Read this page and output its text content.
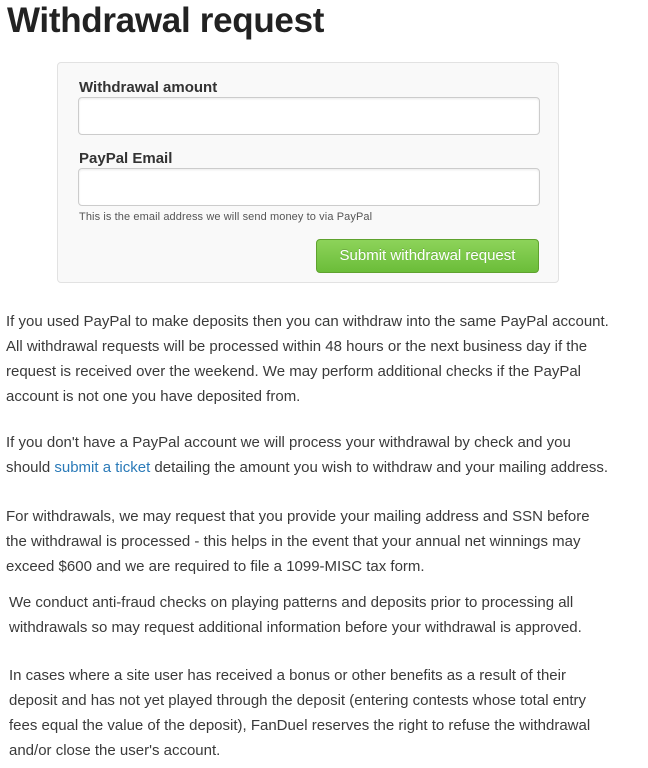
Withdrawal request
Withdrawal amount
PayPal Email
This is the email address we will send money to via PayPal
Submit withdrawal request

If you used PayPal to make deposits then you can withdraw into the same PayPal account.
All withdrawal requests will be processed within 48 hours or the next business day if the
request is received over the weekend. We may perform additional checks if the PayPal
account is not one you have deposited from.

If you don't have a PayPal account we will process your withdrawal by check and you
should submit a ticket detailing the amount you wish to withdraw and your mailing address.

For withdrawals, we may request that you provide your mailing address and SSN before
the withdrawal is processed - this helps in the event that your annual net winnings may
exceed $600 and we are required to file a 1099-MISC tax form.

We conduct anti-fraud checks on playing patterns and deposits prior to processing all
withdrawals so may request additional information before your withdrawal is approved.

In cases where a site user has received a bonus or other benefits as a result of their
deposit and has not yet played through the deposit (entering contests whose total entry
fees equal the value of the deposit), FanDuel reserves the right to refuse the withdrawal
and/or close the user's account.
